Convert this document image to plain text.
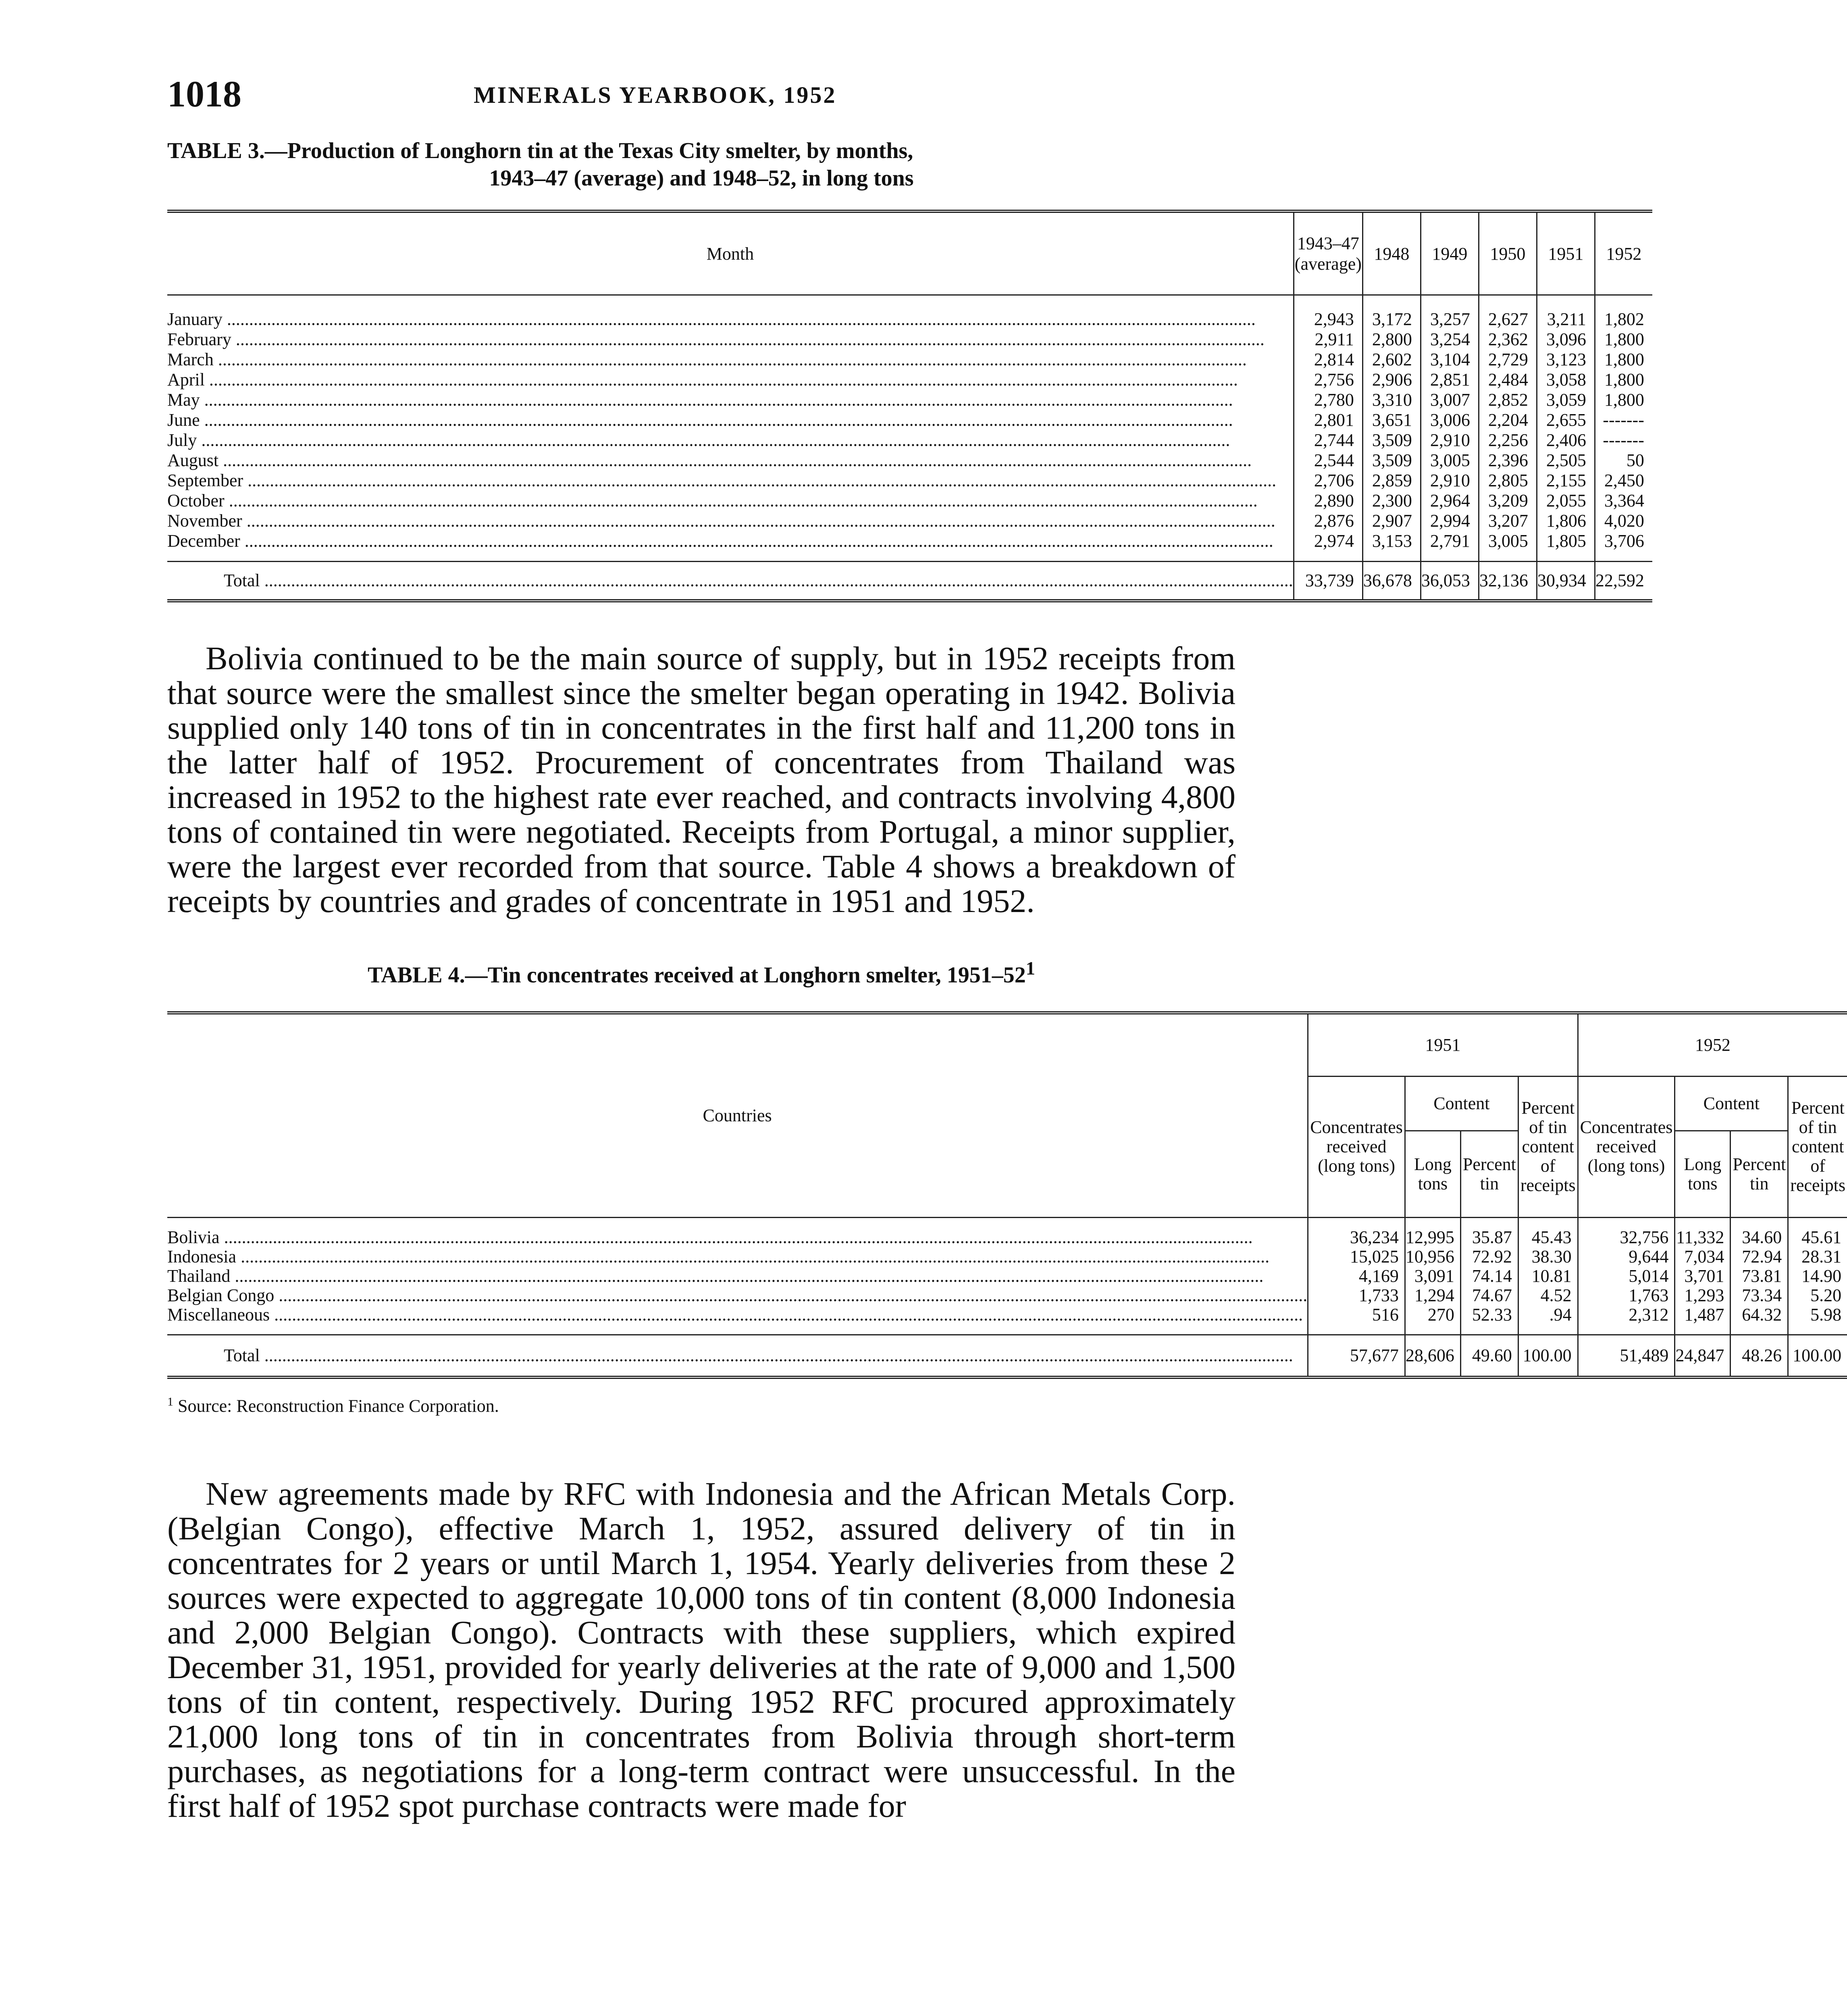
1018	MINERALS YEARBOOK, 1952
TABLE 3.—Production of Longhorn tin at the Texas City smelter, by months,
1943–47 (average) and 1948–52, in long tons
Month	1943–47 (average)	1948	1949	1950	1951	1952
January .....	2,943	3,172	3,257	2,627	3,211	1,802
February .....	2,911	2,800	3,254	2,362	3,096	1,800
March .....	2,814	2,602	3,104	2,729	3,123	1,800
April .....	2,756	2,906	2,851	2,484	3,058	1,800
May .....	2,780	3,310	3,007	2,852	3,059	1,800
June .....	2,801	3,651	3,006	2,204	2,655	-------
July .....	2,744	3,509	2,910	2,256	2,406	-------
August .....	2,544	3,509	3,005	2,396	2,505	50
September .....	2,706	2,859	2,910	2,805	2,155	2,450
October .....	2,890	2,300	2,964	3,209	2,055	3,364
November .....	2,876	2,907	2,994	3,207	1,806	4,020
December .....	2,974	3,153	2,791	3,005	1,805	3,706
Total .....	33,739	36,678	36,053	32,136	30,934	22,592

Bolivia continued to be the main source of supply, but in 1952 receipts from that source were the smallest since the smelter began operating in 1942. Bolivia supplied only 140 tons of tin in concentrates in the first half and 11,200 tons in the latter half of 1952. Procurement of concentrates from Thailand was increased in 1952 to the highest rate ever reached, and contracts involving 4,800 tons of contained tin were negotiated. Receipts from Portugal, a minor supplier, were the largest ever recorded from that source. Table 4 shows a breakdown of receipts by countries and grades of concentrate in 1951 and 1952.

TABLE 4.—Tin concentrates received at Longhorn smelter, $1951-52^1$
Countries	1951				1952			
	Concentrates received (long tons)	Content		Percent of tin content of receipts	Concentrates received (long tons)	Content		Percent of tin content of receipts
		Long tons	Percent tin			Long tons	Percent tin	
Bolivia .....	36,234	12,995	35.87	45.43	32,756	11,332	34.60	45.61
Indonesia .....	15,025	10,956	72.92	38.30	9,644	7,034	72.94	28.31
Thailand .....	4,169	3,091	74.14	10.81	5,014	3,701	73.81	14.90
Belgian Congo .....	1,733	1,294	74.67	4.52	1,763	1,293	73.34	5.20
Miscellaneous .....	516	270	52.33	.94	2,312	1,487	64.32	5.98
Total .....	57,677	28,606	49.60	100.00	51,489	24,847	48.26	100.00
$^1$ Source: Reconstruction Finance Corporation.

New agreements made by RFC with Indonesia and the African Metals Corp. (Belgian Congo), effective March 1, 1952, assured delivery of tin in concentrates for 2 years or until March 1, 1954. Yearly deliveries from these 2 sources were expected to aggregate 10,000 tons of tin content (8,000 Indonesia and 2,000 Belgian Congo). Contracts with these suppliers, which expired December 31, 1951, provided for yearly deliveries at the rate of 9,000 and 1,500 tons of tin content, respectively. During 1952 RFC procured approximately 21,000 long tons of tin in concentrates from Bolivia through short-term purchases, as negotiations for a long-term contract were unsuccessful. In the first half of 1952 spot purchase contracts were made for
